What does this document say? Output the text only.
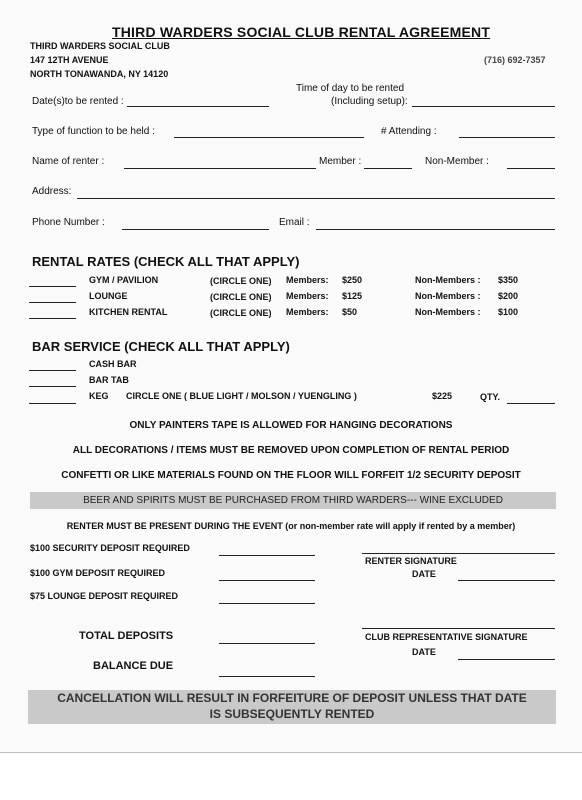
THIRD WARDERS SOCIAL CLUB RENTAL AGREEMENT
THIRD WARDERS SOCIAL CLUB
147 12TH AVENUE
NORTH TONAWANDA, NY 14120
(716) 692-7357
Time of day to be rented
(Including setup):
Date(s)to be rented :
Type of function to be held :	# Attending :
Name of renter :	Member :	Non-Member :
Address:
Phone Number :	Email :
RENTAL RATES (CHECK ALL THAT APPLY)
GYM / PAVILION	(CIRCLE ONE) Members: $250	Non-Members : $350
LOUNGE	(CIRCLE ONE) Members: $125	Non-Members : $200
KITCHEN RENTAL	(CIRCLE ONE) Members: $50	Non-Members : $100
BAR SERVICE (CHECK ALL THAT APPLY)
CASH BAR
BAR TAB
KEG CIRCLE ONE ( BLUE LIGHT / MOLSON / YUENGLING )	$225	QTY.
ONLY PAINTERS TAPE IS ALLOWED FOR HANGING DECORATIONS
ALL DECORATIONS / ITEMS MUST BE REMOVED UPON COMPLETION OF RENTAL PERIOD
CONFETTI OR LIKE MATERIALS FOUND ON THE FLOOR WILL FORFEIT 1/2 SECURITY DEPOSIT
BEER AND SPIRITS MUST BE PURCHASED FROM THIRD WARDERS--- WINE EXCLUDED
RENTER MUST BE PRESENT DURING THE EVENT (or non-member rate will apply if rented by a member)
$100 SECURITY DEPOSIT REQUIRED
$100 GYM DEPOSIT REQUIRED
$75 LOUNGE DEPOSIT REQUIRED
TOTAL DEPOSITS
BALANCE DUE
RENTER SIGNATURE
DATE
CLUB REPRESENTATIVE SIGNATURE
DATE
CANCELLATION WILL RESULT IN FORFEITURE OF DEPOSIT UNLESS THAT DATE
IS SUBSEQUENTLY RENTED
